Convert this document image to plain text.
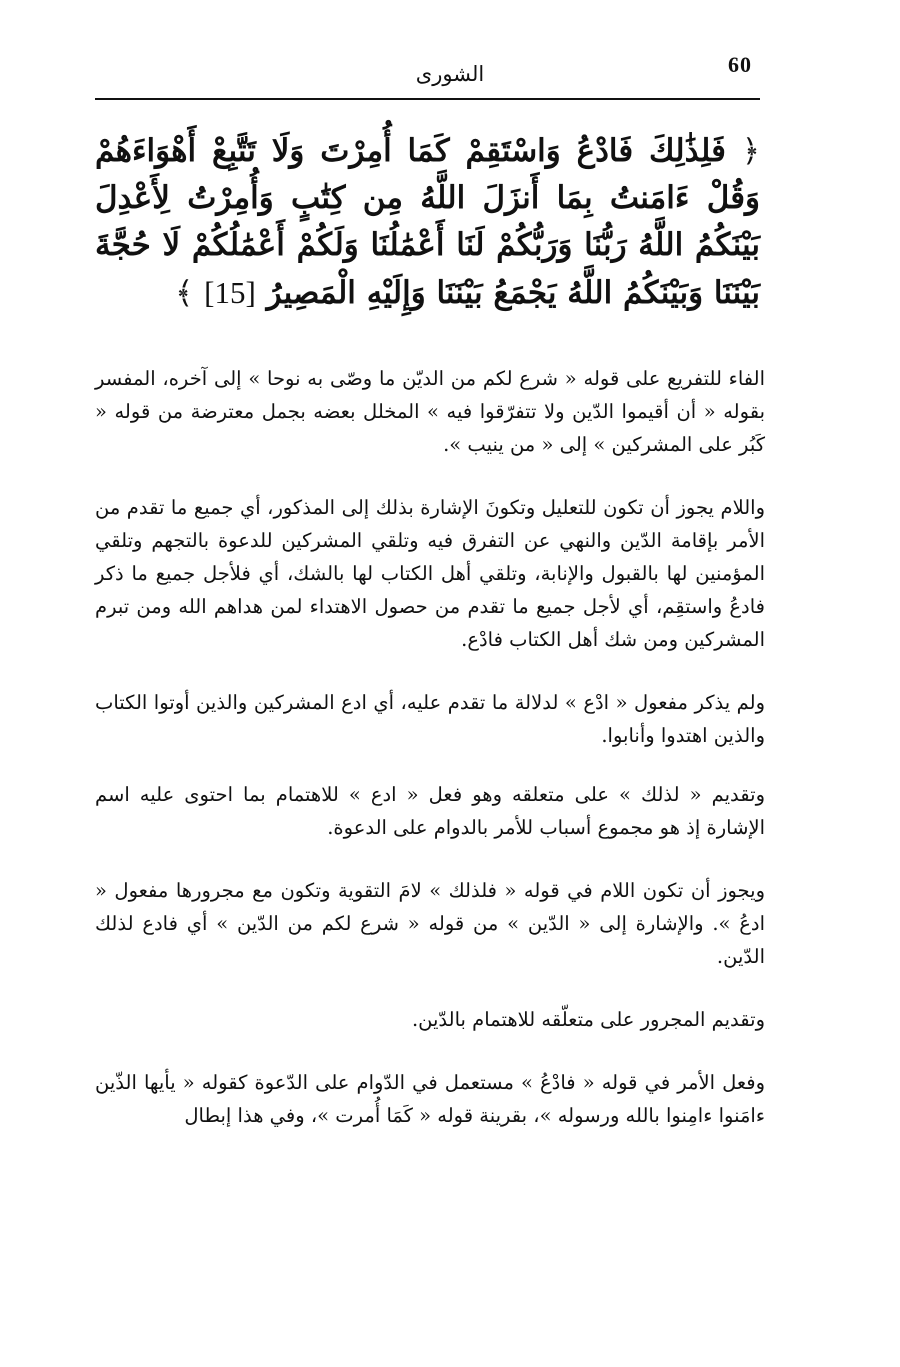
60
الشورى
﴿ فَلِذَٰلِكَ فَادْعُ وَاسْتَقِمْ كَمَا أُمِرْتَ وَلَا تَتَّبِعْ أَهْوَاءَهُمْ وَقُلْ ءَامَنتُ بِمَا أَنزَلَ اللَّهُ مِن كِتَٰبٍ وَأُمِرْتُ لِأَعْدِلَ بَيْنَكُمُ اللَّهُ رَبُّنَا وَرَبُّكُمْ لَنَا أَعْمَٰلُنَا وَلَكُمْ أَعْمَٰلُكُمْ لَا حُجَّةَ بَيْنَنَا وَبَيْنَكُمُ اللَّهُ يَجْمَعُ بَيْنَنَا وَإِلَيْهِ الْمَصِيرُ [15] ﴾

الفاء للتفريع على قوله « شرع لكم من الديّن ما وصّى به نوحا » إلى آخره، المفسر بقوله « أن أقيموا الدّين ولا تتفرّقوا فيه » المخلل بعضه بجمل معترضة من قوله « كَبُر على المشركين » إلى « من ينيب ».

واللام يجوز أن تكون للتعليل وتكونَ الإشارة بذلك إلى المذكور، أي جميع ما تقدم من الأمر بإقامة الدّين والنهي عن التفرق فيه وتلقي المشركين للدعوة بالتجهم وتلقي المؤمنين لها بالقبول والإنابة، وتلقي أهل الكتاب لها بالشك، أي فلأجل جميع ما ذكر فادعُ واستقِم، أي لأجل جميع ما تقدم من حصول الاهتداء لمن هداهم الله ومن تبرم المشركين ومن شك أهل الكتاب فادْع.

ولم يذكر مفعول « ادْع » لدلالة ما تقدم عليه، أي ادع المشركين والذين أوتوا الكتاب والذين اهتدوا وأنابوا.

وتقديم « لذلك » على متعلقه وهو فعل « ادع » للاهتمام بما احتوى عليه اسم الإشارة إذ هو مجموع أسباب للأمر بالدوام على الدعوة.

ويجوز أن تكون اللام في قوله « فلذلك » لامَ التقوية وتكون مع مجرورها مفعول « ادعُ ». والإشارة إلى « الدّين » من قوله « شرع لكم من الدّين » أي فادع لذلك الدّين.

وتقديم المجرور على متعلّقه للاهتمام بالدّين.

وفعل الأمر في قوله « فادْعُ » مستعمل في الدّوام على الدّعوة كقوله « يأيها الذّين ءامَنوا ءامِنوا بالله ورسوله »، بقرينة قوله « كَمَا أُمرت »، وفي هذا إبطال
